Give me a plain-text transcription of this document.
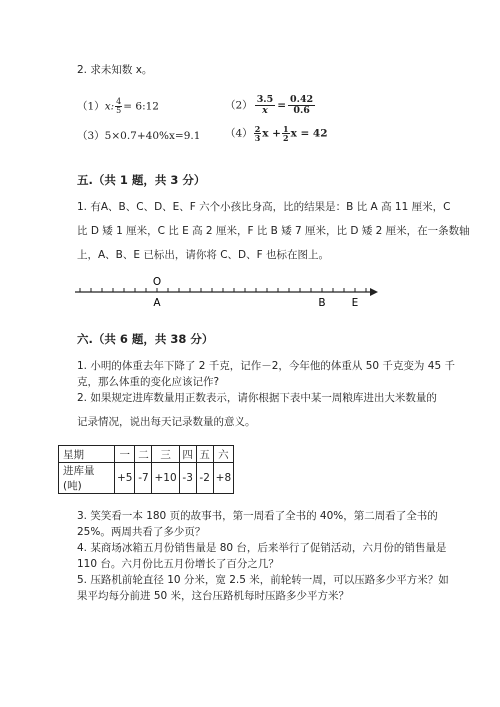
2. 求未知数 x。
（1）x: $\frac{4}{5}$ = 6:12	$(2) \frac{3.5}{x} = \frac{0.42}{0.6}$
（3）5×0.7+40%x=9.1 $(4) \frac{2}{3}$ $x + \frac{1}{2}$ x = 42
五.（共 1 题，共 3 分）
1. 有A、B、C、D、E、F 六个小孩比身高，比的结果是：B 比 A 高 11 厘米，C
比 D 矮 1 厘米，C 比 E 高 2 厘米，F 比 B 矮 7 厘米，比 D 矮 2 厘米，在一条数轴
上，A、B、E 已标出，请你将 C、D、F 也标在图上。
O
A	B E
六.（共 6 题，共 38 分）
1. 小明的体重去年下降了 2 千克，记作－2，今年他的体重从 50 千克变为 45 千
克，那么体重的变化应该记作?
2. 如果规定进库数量用正数表示，请你根据下表中某一周粮库进出大米数量的
记录情况，说出每天记录数量的意义。
星期	一	二	三	四	五	六
进库量(吨)	+5	-7	+10	-3	-2	+8
3. 笑笑看一本 180 页的故事书，第一周看了全书的 40%，第二周看了全书的
25%。两周共看了多少页？
4. 某商场冰箱五月份销售量是 80 台，后来举行了促销活动，六月份的销售量是
110 台。六月份比五月份增长了百分之几？
5. 压路机前轮直径 10 分米，宽 2.5 米，前轮转一周，可以压路多少平方米？如
果平均每分前进 50 米，这台压路机每时压路多少平方米？
